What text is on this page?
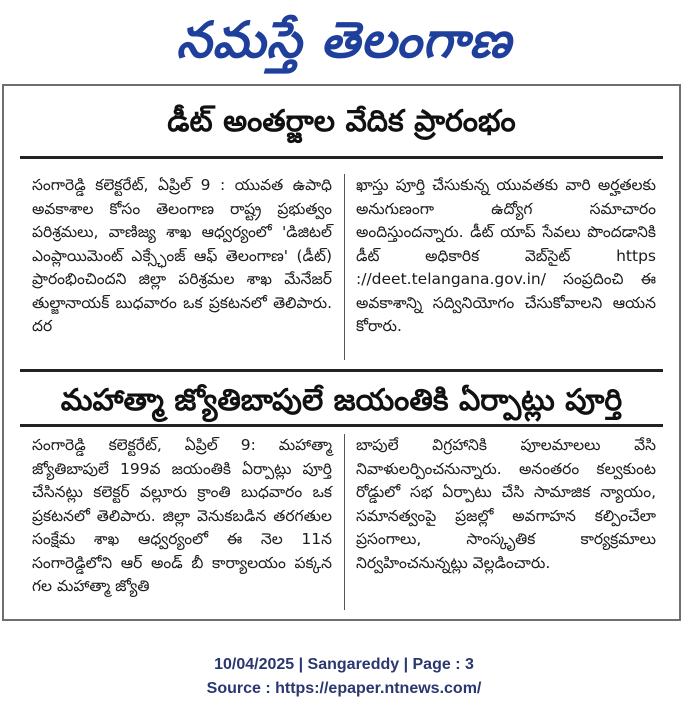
నమస్తే తెలంగాణ
డీట్ అంతర్జాల వేదిక ప్రారంభం

సంగారెడ్డి కలెక్టరేట్, ఏప్రిల్ 9 : యువత ఉపాధి అవకాశాల కోసం తెలంగాణ రాష్ట్ర ప్రభుత్వం పరిశ్రమలు, వాణిజ్య శాఖ ఆధ్వర్యంలో 'డిజిటల్ ఎంప్లాయిమెంట్ ఎక్స్ఛేంజ్ ఆఫ్ తెలంగాణ' (డీట్) ప్రారంభించిందని జిల్లా పరిశ్రమల శాఖ మేనేజర్ తుల్జానాయక్ బుధవారం ఒక ప్రకటనలో తెలిపారు. దర

ఖాస్తు పూర్తి చేసుకున్న యువతకు వారి అర్హతలకు అనుగుణంగా ఉద్యోగ సమాచారం అందిస్తుందన్నారు. డీట్ యాప్ సేవలు పొందడానికి డీట్ అధికారిక వెబ్‌సైట్ https ://deet.telangana.gov.in/ సంప్రదించి ఈ అవకాశాన్ని సద్వినియోగం చేసుకోవాలని ఆయన కోరారు.

మహాత్మా జ్యోతిబాపులే జయంతికి ఏర్పాట్లు పూర్తి

సంగారెడ్డి కలెక్టరేట్, ఏప్రిల్ 9: మహాత్మా జ్యోతిబాపులే 199వ జయంతికి ఏర్పాట్లు పూర్తి చేసినట్లు కలెక్టర్ వల్లూరు క్రాంతి బుధవారం ఒక ప్రకటనలో తెలిపారు. జిల్లా వెనుకబడిన తరగతుల సంక్షేమ శాఖ ఆధ్వర్యంలో ఈ నెల 11న సంగారెడ్డిలోని ఆర్ అండ్ బీ కార్యాలయం పక్కన గల మహాత్మా జ్యోతి

బాపులే విగ్రహానికి పూలమాలలు వేసి నివాళులర్పించనున్నారు. అనంతరం కల్వకుంట రోడ్డులో సభ ఏర్పాటు చేసి సామాజిక న్యాయం, సమానత్వంపై ప్రజల్లో అవగాహన కల్పించేలా ప్రసంగాలు, సాంస్కృతిక కార్యక్రమాలు నిర్వహించనున్నట్లు వెల్లడించారు.

10/04/2025 | Sangareddy | Page : 3
Source : https://epaper.ntnews.com/
